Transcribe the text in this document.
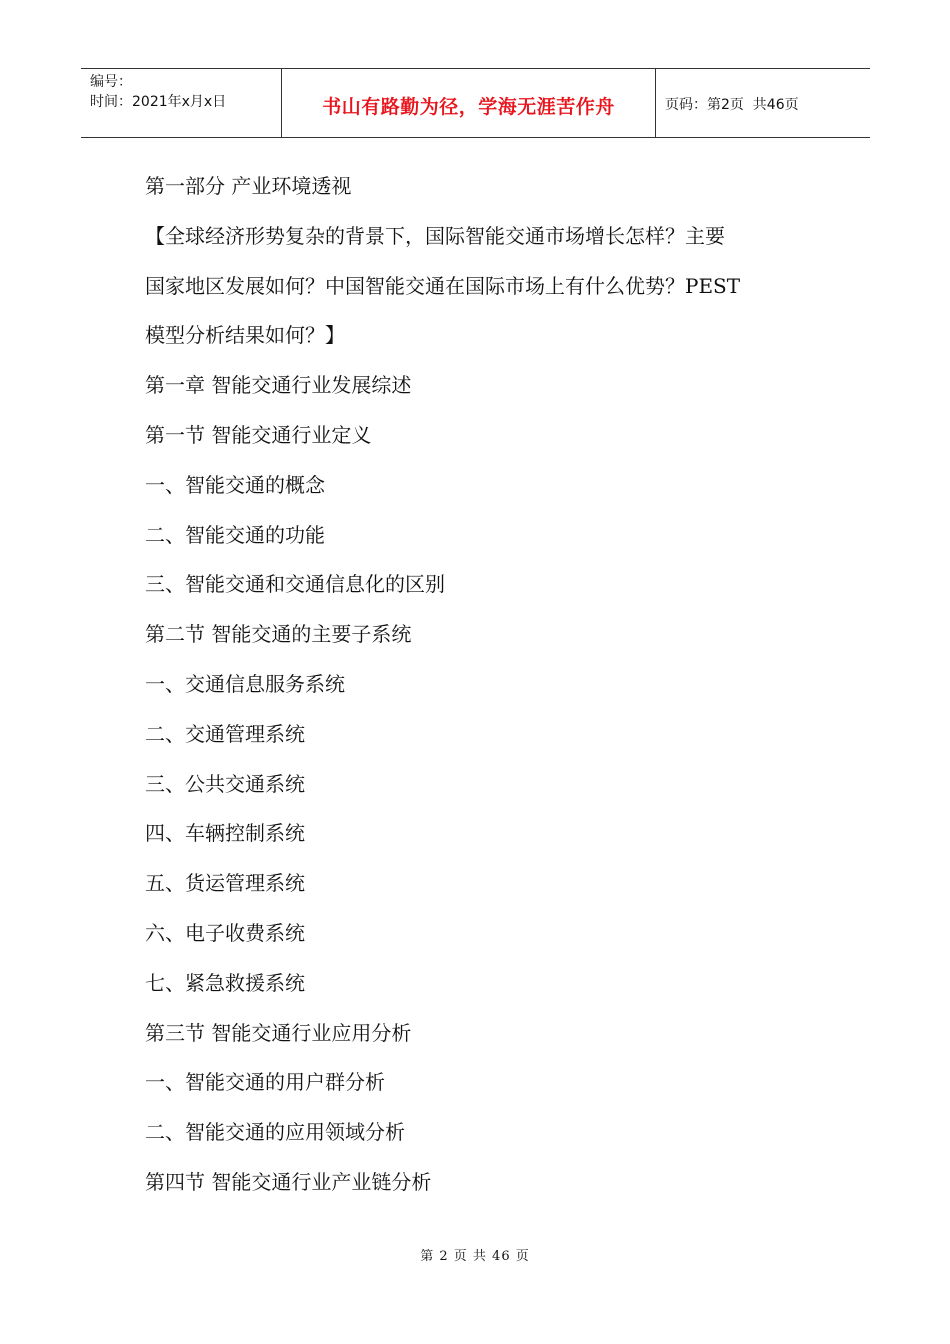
编号：
时间：2021年x月x日	书山有路勤为径，学海无涯苦作舟	页码：第2页  共46页
第一部分 产业环境透视
【全球经济形势复杂的背景下，国际智能交通市场增长怎样？主要
国家地区发展如何？中国智能交通在国际市场上有什么优势？PEST
模型分析结果如何？】
第一章 智能交通行业发展综述
第一节 智能交通行业定义
一、智能交通的概念
二、智能交通的功能
三、智能交通和交通信息化的区别
第二节 智能交通的主要子系统
一、交通信息服务系统
二、交通管理系统
三、公共交通系统
四、车辆控制系统
五、货运管理系统
六、电子收费系统
七、紧急救援系统
第三节 智能交通行业应用分析
一、智能交通的用户群分析
二、智能交通的应用领域分析
第四节 智能交通行业产业链分析
第 2 页 共 46 页
